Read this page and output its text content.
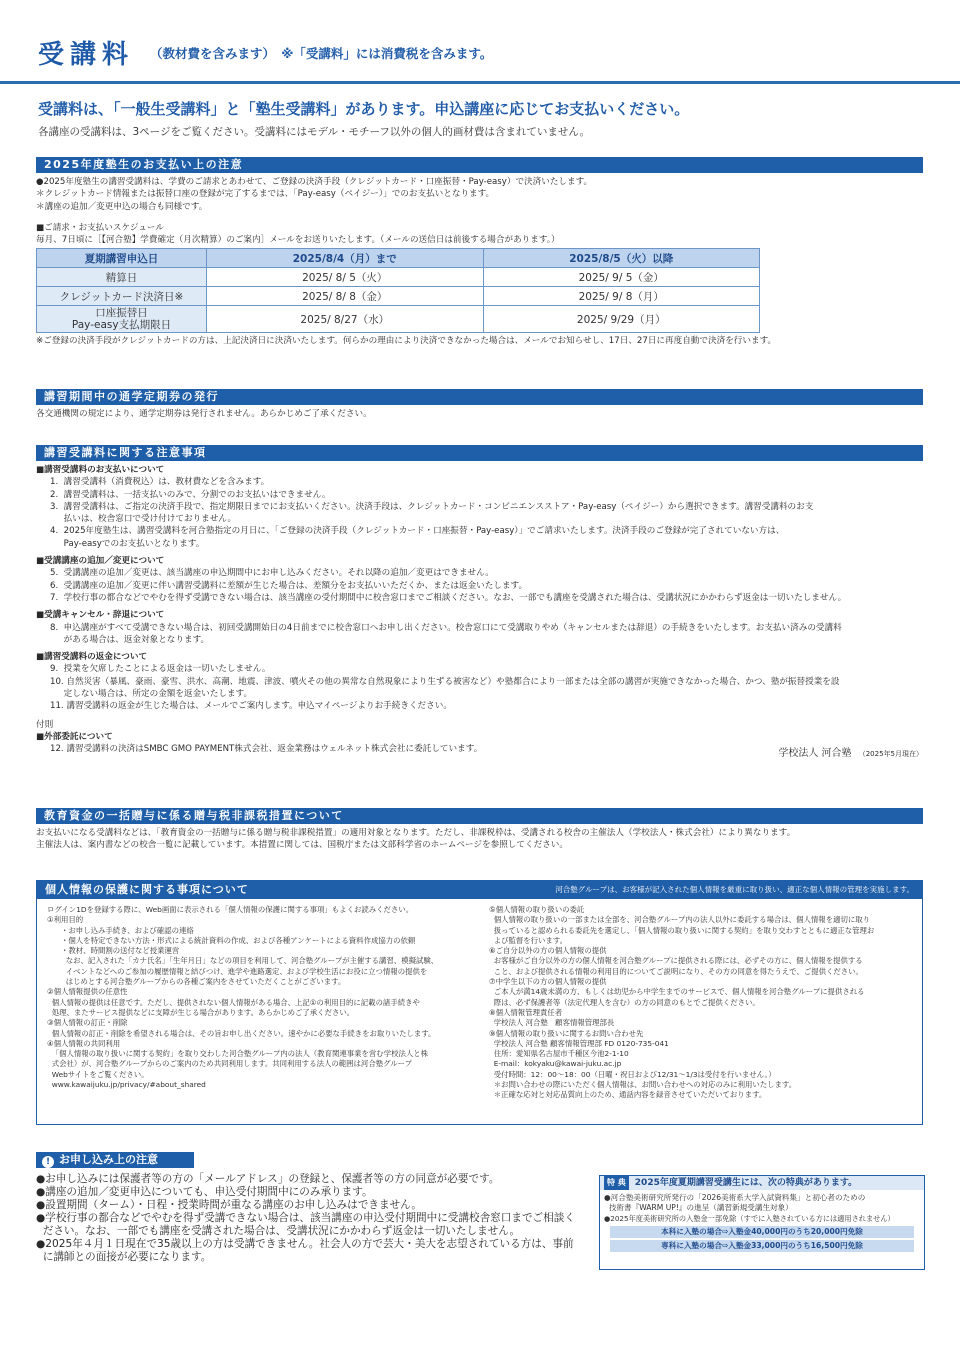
受講料 （教材費を含みます）　※「受講料」には消費税を含みます。
受講料は、「一般生受講料」と「塾生受講料」があります。申込講座に応じてお支払いください。
各講座の受講料は、3ページをご覧ください。受講料にはモデル・モチーフ以外の個人的画材費は含まれていません。
2025年度塾生のお支払い上の注意
●2025年度塾生の講習受講料は、学費のご請求とあわせて、ご登録の決済手段（クレジットカード・口座振替・Pay-easy）で決済いたします。
＊クレジットカード情報または振替口座の登録が完了するまでは、「Pay-easy（ペイジー）」でのお支払いとなります。
＊講座の追加／変更申込の場合も同様です。
■ご請求・お支払いスケジュール
毎月、7日頃に［【河合塾】学費確定（月次精算）のご案内］メールをお送りいたします。（メールの送信日は前後する場合があります。）
夏期講習申込日	2025/8/4（月）まで	2025/8/5（火）以降
精算日	2025/ 8/ 5（火）	2025/ 9/ 5（金）
クレジットカード決済日※	2025/ 8/ 8（金）	2025/ 9/ 8（月）
口座振替日
Pay-easy支払期限日	2025/ 8/27（水）	2025/ 9/29（月）
※ご登録の決済手段がクレジットカードの方は、上記決済日に決済いたします。何らかの理由により決済できなかった場合は、メールでお知らせし、17日、27日に再度自動で決済を行います。
講習期間中の通学定期券の発行
各交通機関の規定により、通学定期券は発行されません。あらかじめご了承ください。
講習受講料に関する注意事項
■講習受講料のお支払いについて
1.  講習受講料（消費税込）は、教材費などを含みます。
2.  講習受講料は、一括支払いのみで、分割でのお支払いはできません。
3.  講習受講料は、ご指定の決済手段で、指定期限日までにお支払いください。決済手段は、クレジットカード・コンビニエンスストア・Pay-easy（ペイジー）から選択できます。講習受講料のお支
払いは、校舎窓口で受け付けておりません。
4.  2025年度塾生は、講習受講料を河合塾指定の月日に、「ご登録の決済手段（クレジットカード・口座振替・Pay-easy）」でご請求いたします。決済手段のご登録が完了されていない方は、
Pay-easyでのお支払いとなります。
■受講講座の追加／変更について
5.  受講講座の追加／変更は、該当講座の申込期間中にお申し込みください。それ以降の追加／変更はできません。
6.  受講講座の追加／変更に伴い講習受講料に差額が生じた場合は、差額分をお支払いいただくか、または返金いたします。
7.  学校行事の都合などでやむを得ず受講できない場合は、該当講座の受付期間中に校舎窓口までご相談ください。なお、一部でも講座を受講された場合は、受講状況にかかわらず返金は一切いたしません。
■受講キャンセル・辞退について
8.  申込講座がすべて受講できない場合は、初回受講開始日の4日前までに校舎窓口へお申し出ください。校舎窓口にて受講取りやめ（キャンセルまたは辞退）の手続きをいたします。お支払い済みの受講料
がある場合は、返金対象となります。
■講習受講料の返金について
9.  授業を欠席したことによる返金は一切いたしません。
10. 自然災害（暴風、豪雨、豪雪、洪水、高潮、地震、津波、噴火その他の異常な自然現象により生ずる被害など）や塾都合により一部または全部の講習が実施できなかった場合、かつ、塾が振替授業を設
定しない場合は、所定の金額を返金いたします。
11. 講習受講料の返金が生じた場合は、メールでご案内します。申込マイページよりお手続きください。
付則
■外部委託について
12. 講習受講料の決済はSMBC GMO PAYMENT株式会社、返金業務はウェルネット株式会社に委託しています。	学校法人 河合塾 （2025年5月現在）
教育資金の一括贈与に係る贈与税非課税措置について
お支払いになる受講料などは、「教育資金の一括贈与に係る贈与税非課税措置」の適用対象となります。ただし、非課税枠は、受講される校舎の主催法人（学校法人・株式会社）により異なります。
主催法人は、案内書などの校舎一覧に記載しています。本措置に関しては、国税庁または文部科学省のホームページを参照してください。
個人情報の保護に関する事項について	河合塾グループは、お客様が記入された個人情報を厳重に取り扱い、適正な個人情報の管理を実施します。
ログイン1Dを登録する際に、Web画面に表示される「個人情報の保護に関する事項」もよくお読みください。
①利用目的
・お申し込み手続き、および確認の連絡
・個人を特定できない方法・形式による統計資料の作成、および各種アンケートによる資料作成協力の依頼
・教材、時間割の送付など授業運営
なお、記入された「カナ氏名」「生年月日」などの項目を利用して、河合塾グループが主催する講習、模擬試験、
イベントなどへのご参加の履歴情報と結びつけ、進学や進路選定、および学校生活にお役に立つ情報の提供を
はじめとする河合塾グループからの各種ご案内をさせていただくことがございます。
②個人情報提供の任意性
個人情報の提供は任意です。ただし、提供されない個人情報がある場合、上記①の利用目的に記載の諸手続きや
処理、またサービス提供などに支障が生じる場合があります。あらかじめご了承ください。
③個人情報の訂正・削除
個人情報の訂正・削除を希望される場合は、その旨お申し出ください。速やかに必要な手続きをお取りいたします。
④個人情報の共同利用
「個人情報の取り扱いに関する契約」を取り交わした河合塾グループ内の法人（教育関連事業を営む学校法人と株
式会社）が、河合塾グループからのご案内のため共同利用します。共同利用する法人の範囲は河合塾グループ
Webサイトをご覧ください。
www.kawaijuku.jp/privacy/#about_shared
⑤個人情報の取り扱いの委託
個人情報の取り扱いの一部または全部を、河合塾グループ内の法人以外に委託する場合は、個人情報を適切に取り
扱っていると認められる委託先を選定し、「個人情報の取り扱いに関する契約」を取り交わすとともに適正な管理お
よび監督を行います。
⑥ご自分以外の方の個人情報の提供
お客様がご自分以外の方の個人情報を河合塾グループに提供される際には、必ずその方に、個人情報を提供する
こと、および提供される情報の利用目的についてご説明になり、その方の同意を得たうえで、ご提供ください。
⑦中学生以下の方の個人情報の提供
ご本人が満14歳未満の方、もしくは幼児から中学生までのサービスで、個人情報を河合塾グループに提供される
際は、必ず保護者等（法定代理人を含む）の方の同意のもとでご提供ください。
⑧個人情報管理責任者
学校法人 河合塾　顧客情報管理部長
⑨個人情報の取り扱いに関するお問い合わせ先
学校法人 河合塾 顧客情報管理部 FD 0120-735-041
住所：愛知県名古屋市千種区今池2-1-10
E-mail：kokyaku@kawai-juku.ac.jp
受付時間：12：00～18：00（日曜・祝日および12/31～1/3は受付を行いません。）
＊お問い合わせの際にいただく個人情報は、お問い合わせへの対応のみに利用いたします。
＊正確な応対と対応品質向上のため、通話内容を録音させていただいております。
! お申し込み上の注意
●お申し込みには保護者等の方の「メールアドレス」の登録と、保護者等の方の同意が必要です。
●講座の追加／変更申込についても、申込受付期間中にのみ承ります。
●設置期間（ターム）・日程・授業時間が重なる講座のお申し込みはできません。
●学校行事の都合などでやむを得ず受講できない場合は、該当講座の申込受付期間中に受講校舎窓口までご相談く
ださい。なお、一部でも講座を受講された場合は、受講状況にかかわらず返金は一切いたしません。
●2025年４月１日現在で35歳以上の方は受講できません。社会人の方で芸大・美大を志望されている方は、事前
に講師との面接が必要になります。
特 典 2025年度夏期講習受講生には、次の特典があります。
●河合塾美術研究所発行の「2026美術系大学入試資料集」と初心者のための
技術書『WARM UP!』の進呈（講習新規受講生対象）
●2025年度美術研究所の入塾金一部免除（すでに入塾されている方には適用されません）
本科に入塾の場合⇨入塾金40,000円のうち20,000円免除
専科に入塾の場合⇨入塾金33,000円のうち16,500円免除
